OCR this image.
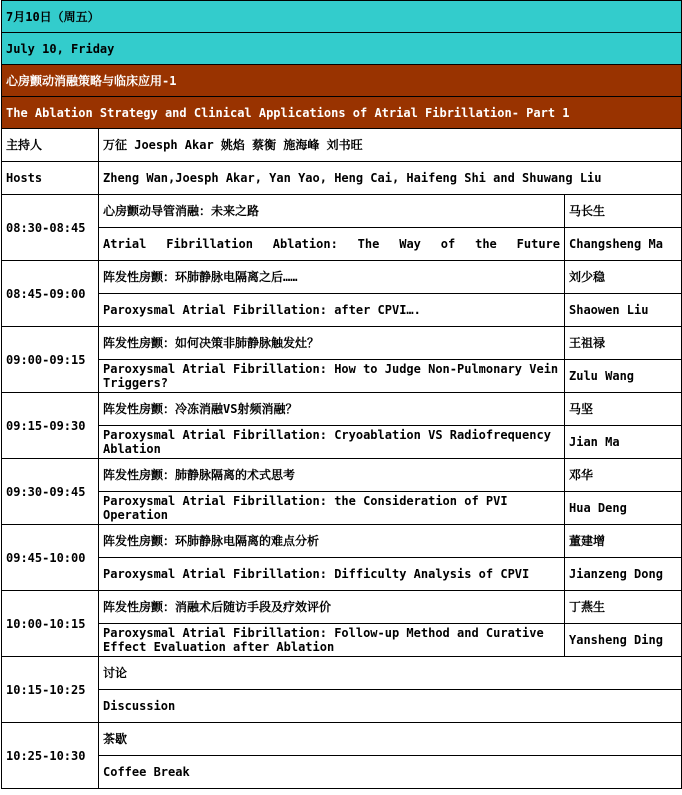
7月10日（周五）		
July 10, Friday		
心房颤动消融策略与临床应用-1		
The Ablation Strategy and Clinical Applications of Atrial Fibrillation- Part 1		
主持人	万征 Joesph Akar 姚焰 蔡衡 施海峰 刘书旺	
Hosts	Zheng Wan,Joesph Akar, Yan Yao, Heng Cai, Haifeng Shi and Shuwang Liu	
08:30-08:45	心房颤动导管消融：未来之路	马长生
	Atrial Fibrillation Ablation: The Way of the Future	Changsheng Ma
08:45-09:00	阵发性房颤：环肺静脉电隔离之后……	刘少稳
	Paroxysmal Atrial Fibrillation: after CPVI….	Shaowen Liu
09:00-09:15	阵发性房颤：如何决策非肺静脉触发灶？	王祖禄
	Paroxysmal Atrial Fibrillation: How to Judge Non-Pulmonary Vein Triggers?	Zulu Wang
09:15-09:30	阵发性房颤：冷冻消融VS射频消融？	马坚
	Paroxysmal Atrial Fibrillation: Cryoablation VS Radiofrequency Ablation	Jian Ma
09:30-09:45	阵发性房颤：肺静脉隔离的术式思考	邓华
	Paroxysmal Atrial Fibrillation: the Consideration of PVI Operation	Hua Deng
09:45-10:00	阵发性房颤：环肺静脉电隔离的难点分析	董建增
	Paroxysmal Atrial Fibrillation: Difficulty Analysis of CPVI	Jianzeng Dong
10:00-10:15	阵发性房颤：消融术后随访手段及疗效评价	丁燕生
	Paroxysmal Atrial Fibrillation: Follow-up Method and Curative Effect Evaluation after Ablation	Yansheng Ding
10:15-10:25	讨论	
	Discussion	
10:25-10:30	茶歇	
	Coffee Break	
